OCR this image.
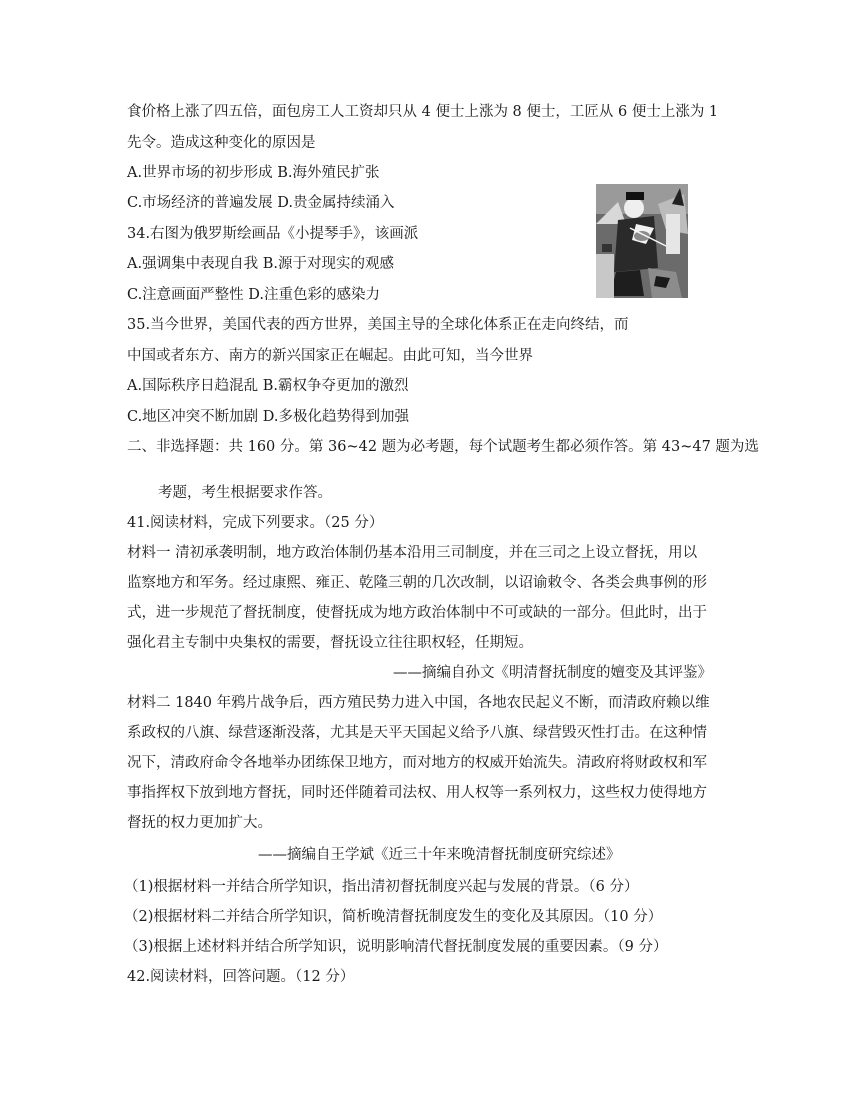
食价格上涨了四五倍，面包房工人工资却只从 4 便士上涨为 8 便士，工匠从 6 便士上涨为 1
先令。造成这种变化的原因是
A.世界市场的初步形成 B.海外殖民扩张
C.市场经济的普遍发展 D.贵金属持续涌入
34.右图为俄罗斯绘画品《小提琴手》，该画派
A.强调集中表现自我 B.源于对现实的观感
C.注意画面严整性 D.注重色彩的感染力
35.当今世界，美国代表的西方世界，美国主导的全球化体系正在走向终结，而
中国或者东方、南方的新兴国家正在崛起。由此可知，当今世界
A.国际秩序日趋混乱 B.霸权争夺更加的激烈
C.地区冲突不断加剧 D.多极化趋势得到加强
二、非选择题：共 160 分。第 36~42 题为必考题，每个试题考生都必须作答。第 43~47 题为选
考题，考生根据要求作答。
41.阅读材料，完成下列要求。（25 分）
材料一 清初承袭明制，地方政治体制仍基本沿用三司制度，并在三司之上设立督抚，用以
监察地方和军务。经过康熙、雍正、乾隆三朝的几次改制，以诏谕敕令、各类会典事例的形
式，进一步规范了督抚制度，使督抚成为地方政治体制中不可或缺的一部分。但此时，出于
强化君主专制中央集权的需要，督抚设立往往职权轻，任期短。
——摘编自孙文《明清督抚制度的嬗变及其评鉴》
材料二 1840 年鸦片战争后，西方殖民势力进入中国，各地农民起义不断，而清政府赖以维
系政权的八旗、绿营逐渐没落，尤其是天平天国起义给予八旗、绿营毁灭性打击。在这种情
况下，清政府命令各地举办团练保卫地方，而对地方的权威开始流失。清政府将财政权和军
事指挥权下放到地方督抚，同时还伴随着司法权、用人权等一系列权力，这些权力使得地方
督抚的权力更加扩大。
——摘编自王学斌《近三十年来晚清督抚制度研究综述》
（1)根据材料一并结合所学知识，指出清初督抚制度兴起与发展的背景。（6 分）
（2)根据材料二并结合所学知识，简析晚清督抚制度发生的变化及其原因。（10 分）
（3)根据上述材料并结合所学知识，说明影响清代督抚制度发展的重要因素。（9 分）
42.阅读材料，回答问题。（12 分）
